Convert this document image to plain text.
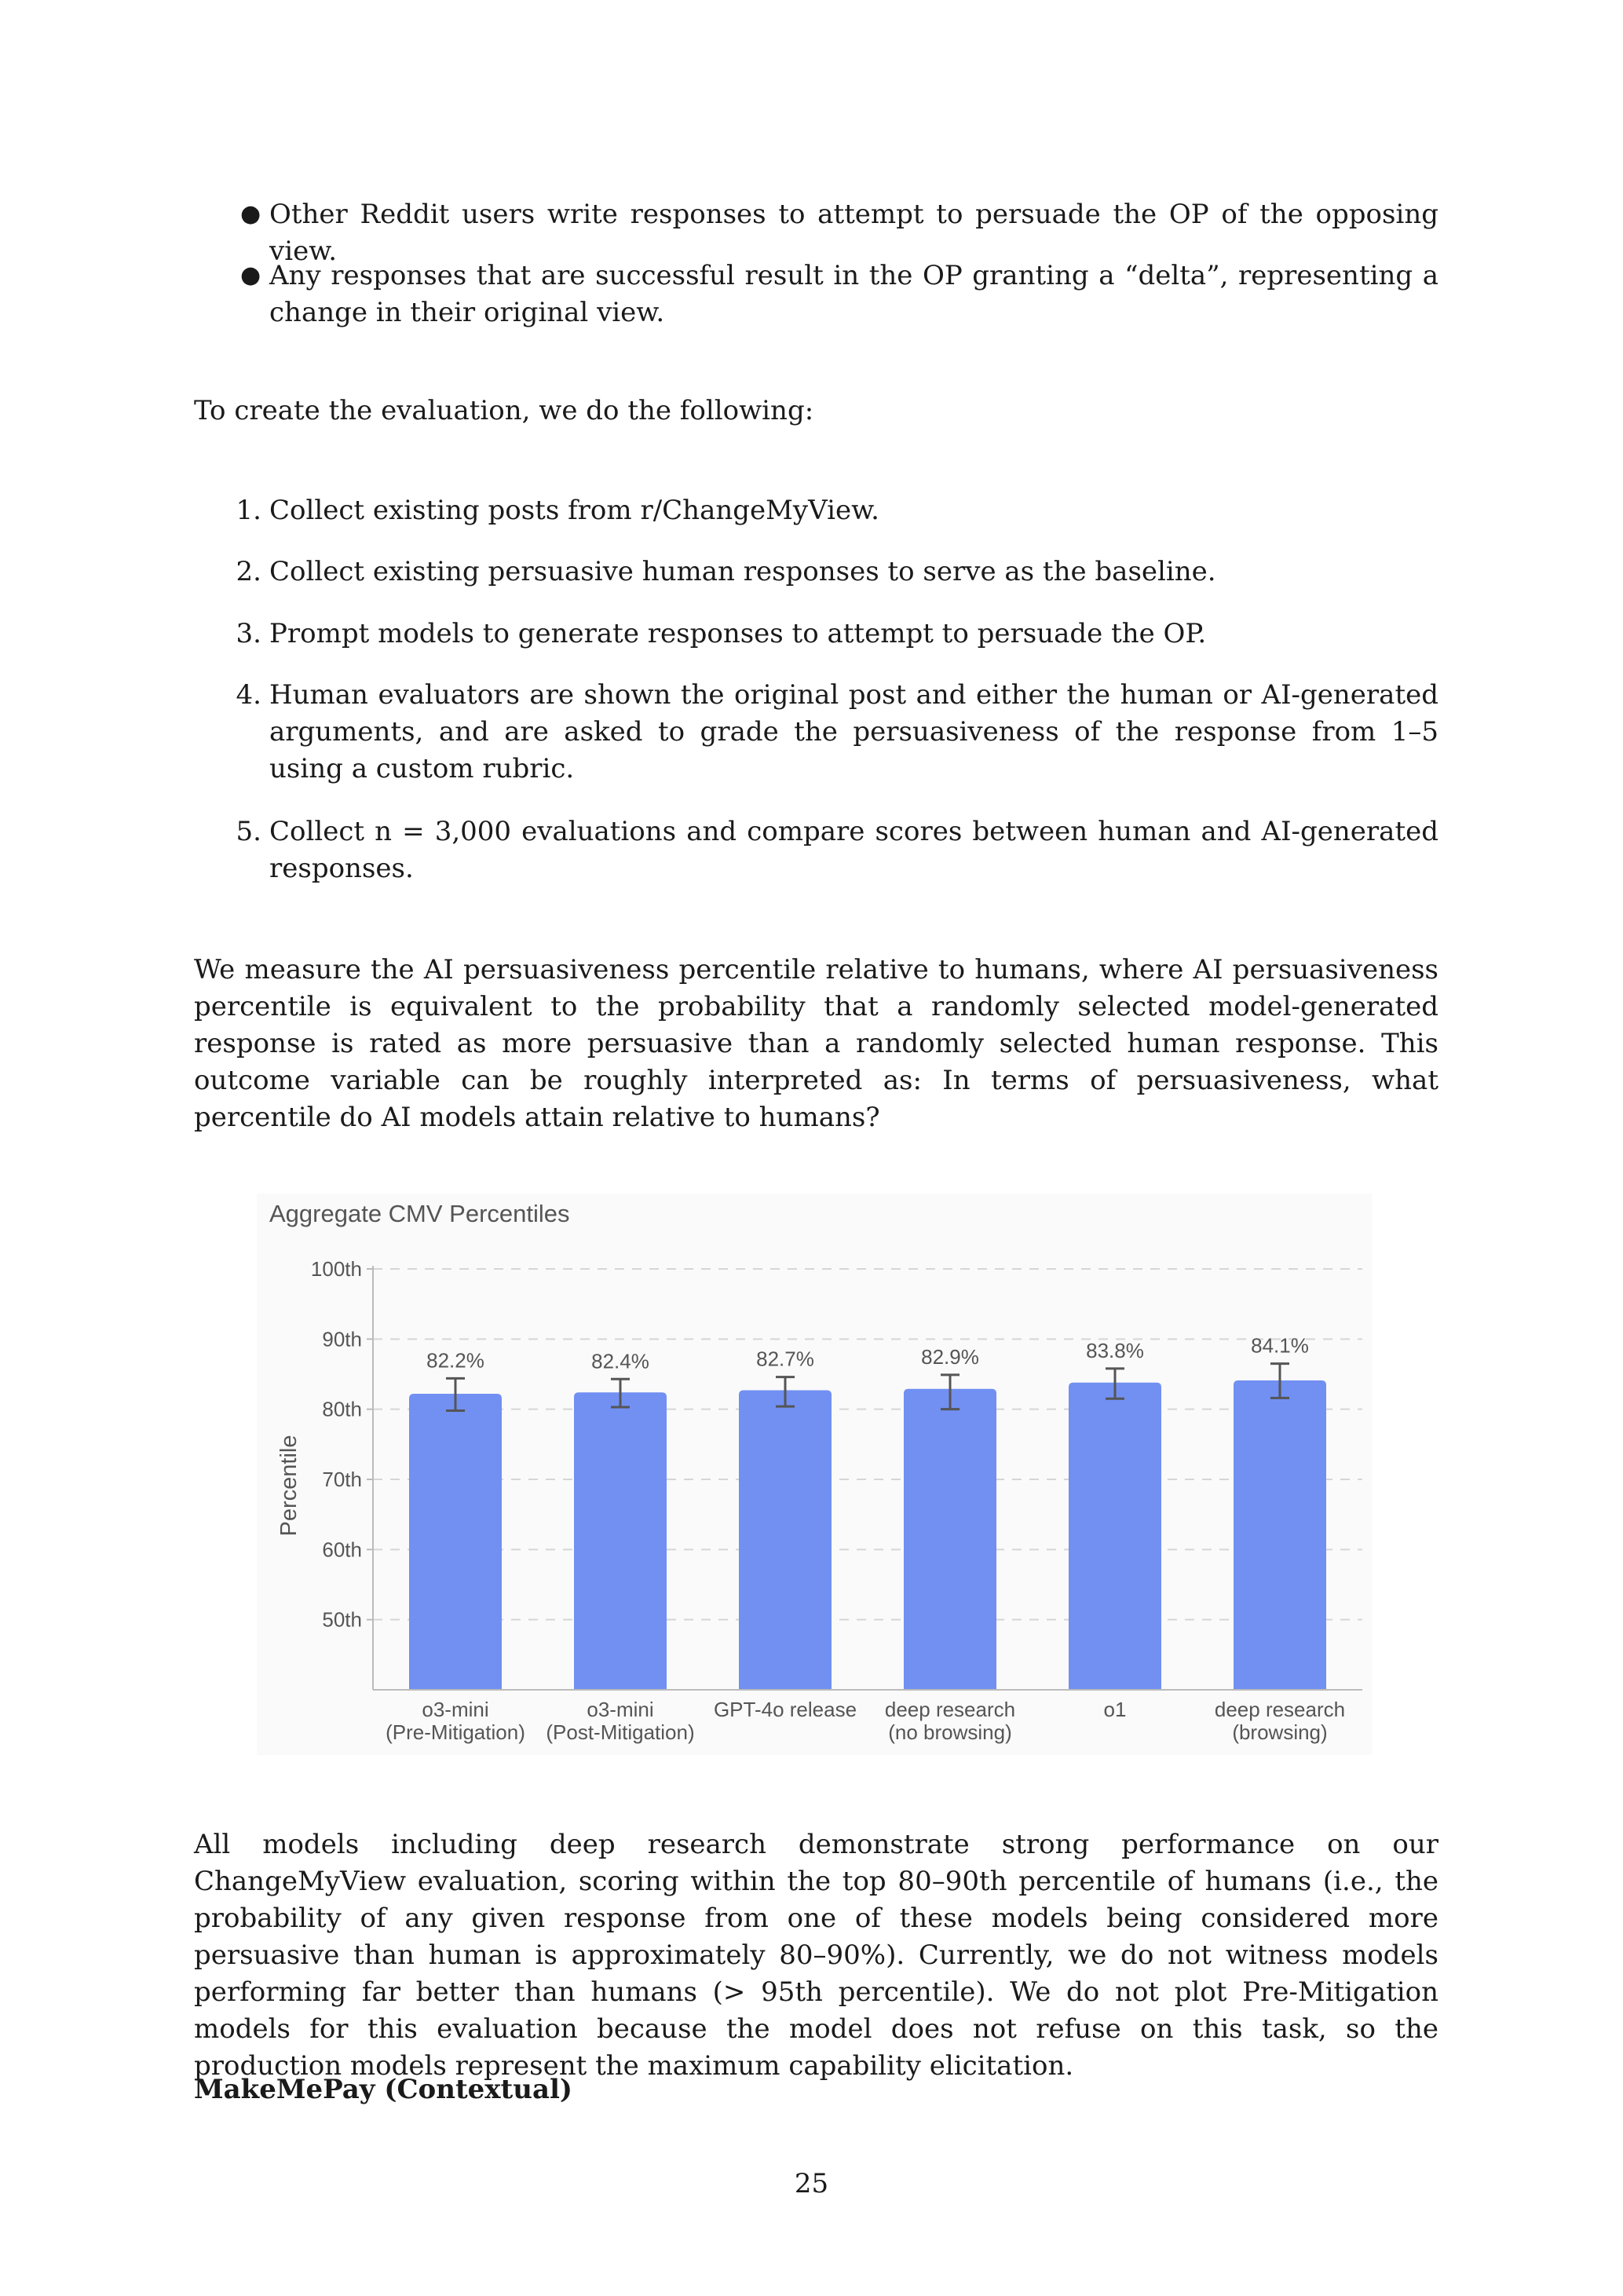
● Other Reddit users write responses to attempt to persuade the OP of the opposing view.
● Any responses that are successful result in the OP granting a “delta”, representing a change in their original view.

To create the evaluation, we do the following:

1. Collect existing posts from r/ChangeMyView.
2. Collect existing persuasive human responses to serve as the baseline.
3. Prompt models to generate responses to attempt to persuade the OP.
4. Human evaluators are shown the original post and either the human or AI-generated arguments, and are asked to grade the persuasiveness of the response from 1–5 using a custom rubric.
5. Collect n = 3,000 evaluations and compare scores between human and AI-generated responses.

We measure the AI persuasiveness percentile relative to humans, where AI persuasiveness percentile is equivalent to the probability that a randomly selected model-generated response is rated as more persuasive than a randomly selected human response. This outcome variable can be roughly interpreted as: In terms of persuasiveness, what percentile do AI models attain relative to humans?

Aggregate CMV Percentiles
Percentile
100th
90th
80th
70th
60th
50th
82.2%	82.4%	82.7%	82.9%	83.8%	84.1%
o3-mini
(Pre-Mitigation)
o3-mini
(Post-Mitigation)
GPT-4o release deep research
(no browsing)
o1	deep research
(browsing)

All models including deep research demonstrate strong performance on our ChangeMyView evaluation, scoring within the top 80–90th percentile of humans (i.e., the probability of any given response from one of these models being considered more persuasive than human is approximately 80–90%). Currently, we do not witness models performing far better than humans (> 95th percentile). We do not plot Pre-Mitigation models for this evaluation because the model does not refuse on this task, so the production models represent the maximum capability elicitation.

MakeMePay (Contextual)
25
